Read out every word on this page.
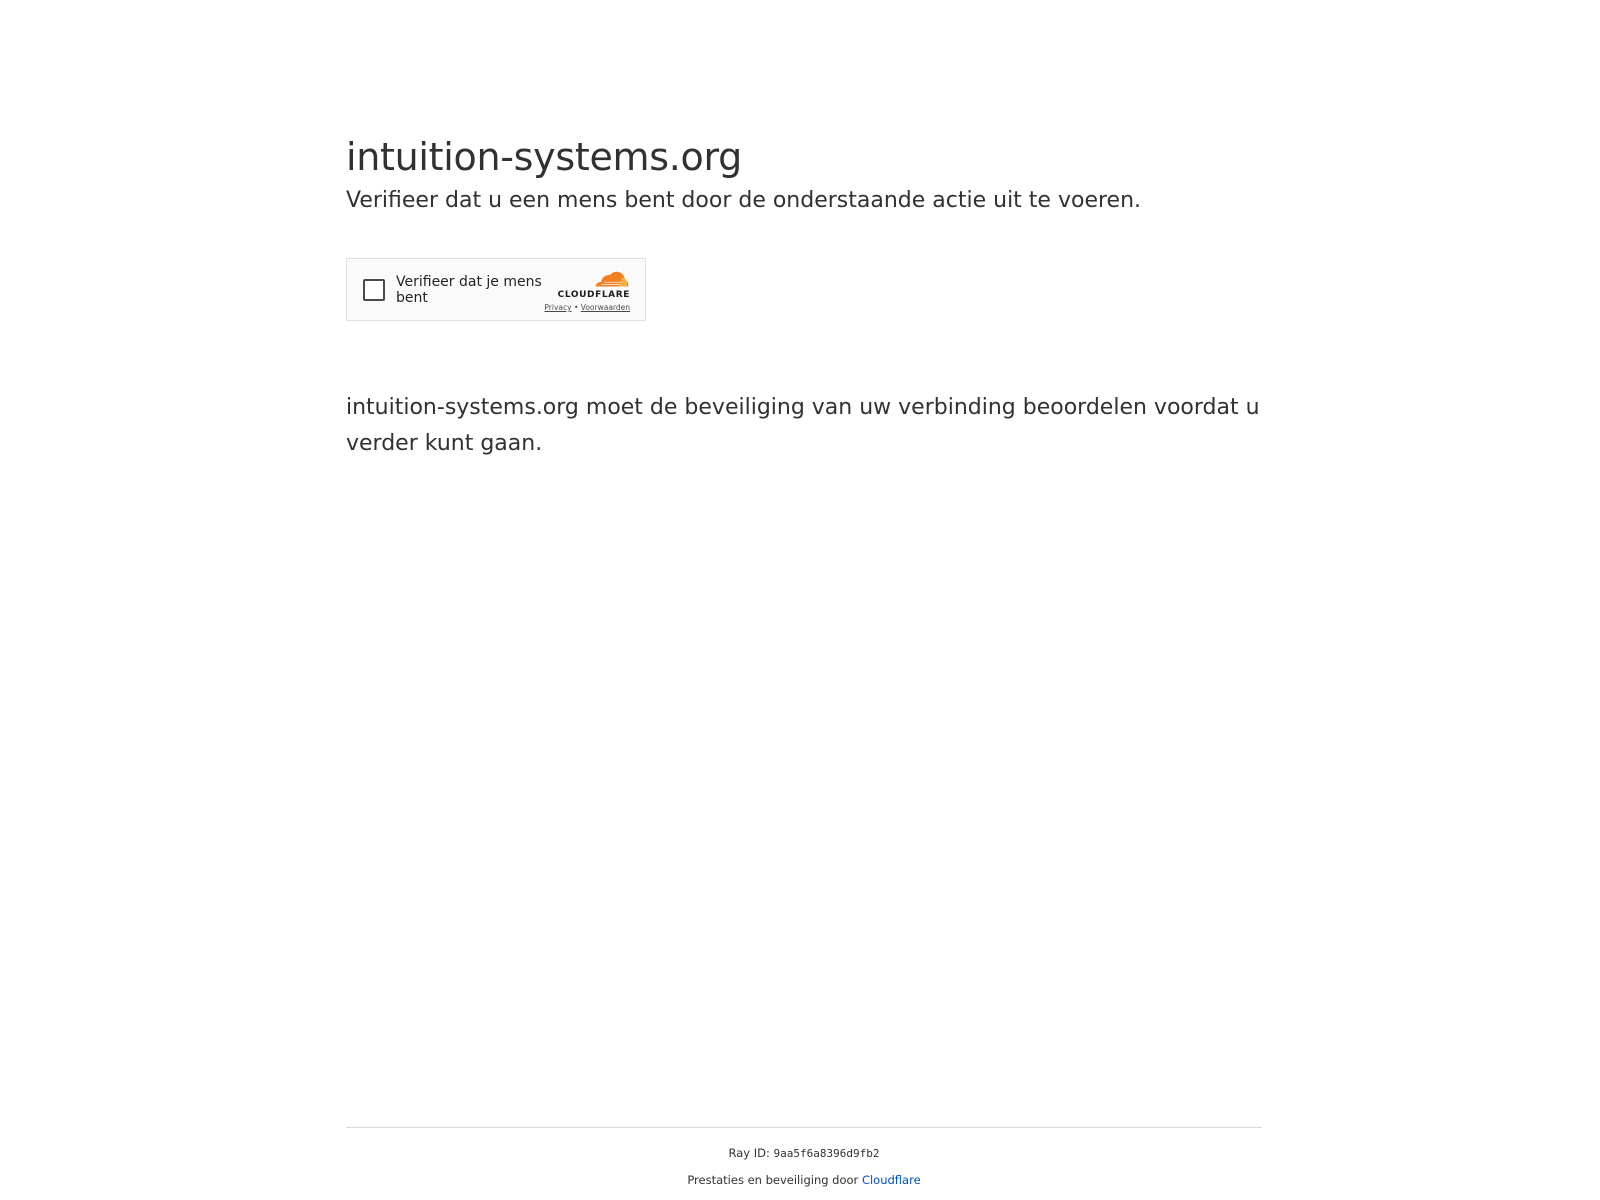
intuition-systems.org

Verifieer dat u een mens bent door de onderstaande actie uit te voeren.

Verifieer dat je mens bent	CLOUDFLARE
Privacy • Voorwaarden

intuition-systems.org moet de beveiliging van uw verbinding beoordelen voordat u verder kunt gaan.

Ray ID: 9aa5f6a8396d9fb2
Prestaties en beveiliging door Cloudflare
